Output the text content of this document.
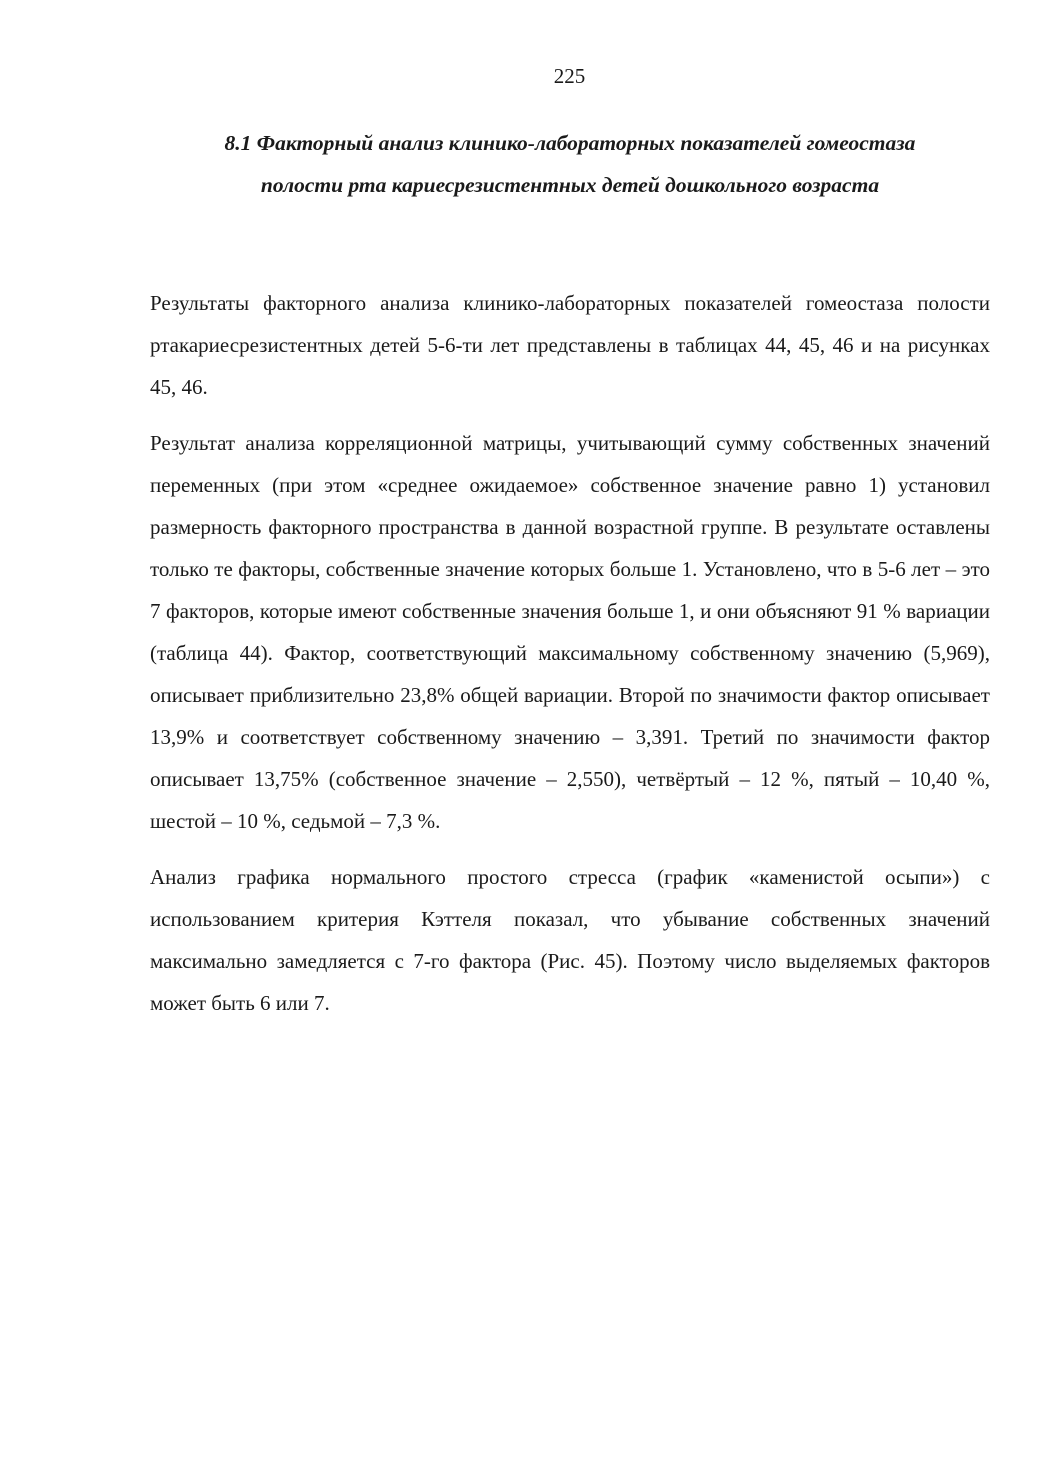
225
8.1 Факторный анализ клинико-лабораторных показателей гомеостаза
полости рта кариесрезистентных детей дошкольного возраста

Результаты факторного анализа клинико-лабораторных показателей гомеостаза полости ртакариесрезистентных детей 5-6-ти лет представлены в таблицах 44, 45, 46 и на рисунках 45, 46.

Результат анализа корреляционной матрицы, учитывающий сумму собственных значений переменных (при этом «среднее ожидаемое» собственное значение равно 1) установил размерность факторного пространства в данной возрастной группе. В результате оставлены только те факторы, собственные значение которых больше 1. Установлено, что в 5-6 лет – это 7 факторов, которые имеют собственные значения больше 1, и они объясняют 91 % вариации (таблица 44). Фактор, соответствующий максимальному собственному значению (5,969), описывает приблизительно 23,8% общей вариации. Второй по значимости фактор описывает 13,9% и соответствует собственному значению – 3,391. Третий по значимости фактор описывает 13,75% (собственное значение – 2,550), четвёртый – 12 %, пятый – 10,40 %, шестой – 10 %, седьмой – 7,3 %.

Анализ графика нормального простого стресса (график «каменистой осыпи») с использованием критерия Кэттеля показал, что убывание собственных значений максимально замедляется с 7-го фактора (Рис. 45). Поэтому число выделяемых факторов может быть 6 или 7.
